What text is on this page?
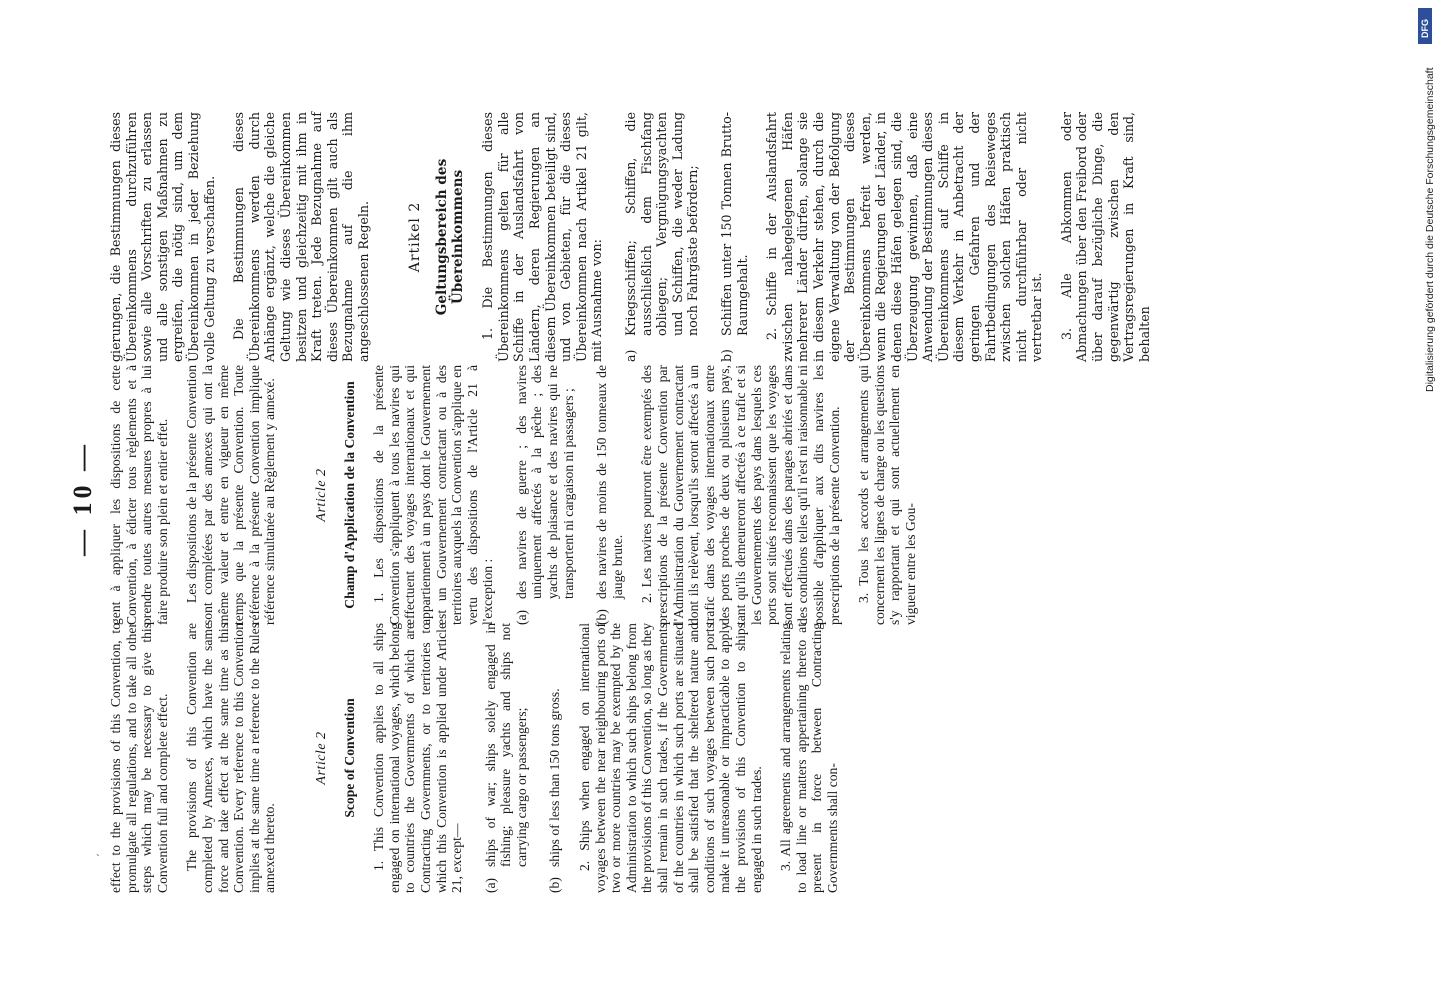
— 10 —

effect to the provisions of this Convention, to promulgate all regulations, and to take all other steps which may be necessary to give this Convention full and complete effect. The provisions of this Convention are completed by Annexes, which have the same force and take effect at the same time as this Convention. Every reference to this Convention implies at the same time a reference to the Rules annexed thereto.

Article 2 Scope of Convention 1. This Convention applies to all ships engaged on international voyages, which belong to countries the Governments of which are Contracting Governments, or to territories to which this Convention is applied under Article 21, except— (a)
ships of war; ships solely engaged in fishing; pleasure yachts and ships not carrying cargo or passengers;
(b)
ships of less than 150 tons gross. 2. Ships when engaged on international voyages between the near neighbouring ports of two or more countries may be exempted by the Administration to which such ships belong from the provisions of this Convention, so long as they shall remain in such trades, if the Governments of the countries in which such ports are situated shall be satisfied that the sheltered nature and conditions of such voyages between such ports make it unreasonable or impracticable to apply the provisions of this Convention to ships engaged in such trades. 3. All agreements and arrangements relating to load line or matters appertaining thereto at present in force between Contracting Governments shall con-

gent à appliquer les dispositions de cette Convention, à édicter tous règlements et à prendre toutes autres mesures propres à lui faire produire son plein et entier effet. Les dispositions de la présente Convention sont complétées par des annexes qui ont la même valeur et entre en vigueur en même temps que la présente Convention. Toute référence à la présente Convention implique référence simultanée au Règlement y annexé.	Article 2 Champ d'Application de la Convention 1. Les dispositions de la présente Convention s'appliquent à tous les navires qui effectuent des voyages internationaux et qui appartiennent à un pays dont le Gouvernement est un Gouvernement contractant ou à des territoires auxquels la Convention s'applique en vertu des dispositions de l'Article 21 à l'exception : (a)
des navires de guerre ; des navires uniquement affectés à la pêche ; des yachts de plaisance et des navires qui ne transportent ni cargaison ni passagers ;
(b)
des navires de moins de 150 tonneaux de jauge brute. 2. Les navires pourront être exemptés des prescriptions de la présente Convention par l'Administration du Gouvernement contractant dont ils relèvent, lorsqu'ils seront affectés à un trafic dans des voyages internationaux entre des ports proches de deux ou plusieurs pays, tant qu'ils demeureront affectés à ce trafic et si les Gouvernements des pays dans lesquels ces ports sont situés reconnaissent que les voyages sont effectués dans des parages abrités et dans des conditions telles qu'il n'est ni raisonnable ni possible d'appliquer aux dits navires les prescriptions de la présente Convention. 3. Tous les accords et arrangements qui concernent les lignes de charge ou les questions s'y rapportant et qui sont actuellement en vigueur entre les Gou-

gierungen, die Bestimmungen dieses Übereinkommens durchzuführen sowie alle Vorschriften zu erlassen und alle sonstigen Maßnahmen zu ergreifen, die nötig sind, um dem Übereinkommen in jeder Beziehung volle Geltung zu verschaffen. Die Bestimmungen dieses Übereinkommens werden durch Anhänge ergänzt, welche die gleiche Geltung wie dieses Übereinkommen besitzen und gleichzeitig mit ihm in Kraft treten. Jede Bezugnahme auf dieses Übereinkommen gilt auch als Bezugnahme auf die ihm angeschlossenen Regeln.	Artikel 2 Geltungsbereich des Übereinkommens 1. Die Bestimmungen dieses Übereinkommens gelten für alle Schiffe in der Auslandsfahrt von Ländern, deren Regierungen an diesem Übereinkommen beteiligt sind, und von Gebieten, für die dieses Übereinkommen nach Artikel 21 gilt, mit Ausnahme von: a)
Kriegsschiffen; Schiffen, die ausschließlich dem Fischfang obliegen; Vergnügungsyachten und Schiffen, die weder Ladung noch Fahrgäste befördern;
b)
Schiffen unter 150 Tonnen Brutto-Raumgehalt. 2. Schiffe in der Auslandsfahrt zwischen nahegelegenen Häfen mehrerer Länder dürfen, solange sie in diesem Verkehr stehen, durch die eigene Verwaltung von der Befolgung der Bestimmungen dieses Übereinkommens befreit werden, wenn die Regierungen der Länder, in denen diese Häfen gelegen sind, die Überzeugung gewinnen, daß eine Anwendung der Bestimmungen dieses Übereinkommens auf Schiffe in diesem Verkehr in Anbetracht der geringen Gefahren und der Fahrtbedingungen des Reiseweges zwischen solchen Häfen praktisch nicht durchführbar oder nicht vertretbar ist. 3. Alle Abkommen oder Abmachungen über den Freibord oder über darauf bezügliche Dinge, die gegenwärtig zwischen den Vertragsregierungen in Kraft sind, behalten

ˋ
Digitalisierung gefördert durch die Deutsche Forschungsgemeinschaft
DFG
